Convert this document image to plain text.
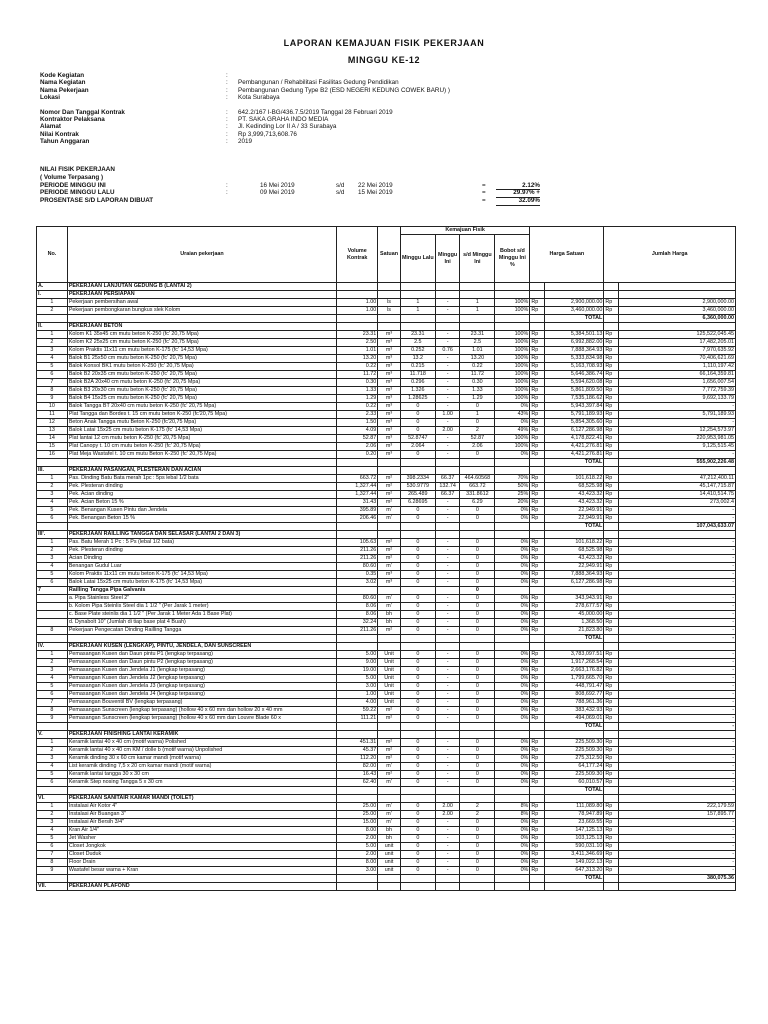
LAPORAN KEMAJUAN FISIK PEKERJAAN
MINGGU KE-12
Kode Kegiatan	:
Nama Kegiatan	:	Pembangunan / Rehabilitasi Fasilitas Gedung Pendidikan
Nama Pekerjaan	:	Pembangunan Gedung Type B2 (ESD NEGERI KEDUNG COWEK BARU) )
Lokasi	:	Kota Surabaya
Nomor Dan Tanggal Kontrak	:	642.2/167 I-BG/436.7.5/2019 Tanggal 28 Februari 2019
Kontraktor Pelaksana	:	PT. SAKA GRAHA INDO MEDIA
Alamat	:	Jl. Kedinding Lor II A / 33 Surabaya
Nilai Kontrak	:	Rp 3,999,713,608.76
Tahun Anggaran	:	2019
NILAI FISIK PEKERJAAN
( Volume Terpasang )
PERIODE MINGGU INI	:	16 Mei 2019	s/d 22 Mei 2019	=	2.12%
PERIODE MINGGU LALU	:	09 Mei 2019	s/d 15 Mei 2019	=	29.97% +
PROSENTASE S/D LAPORAN DIBUAT	=	32.09%
No.	Uraian pekerjaan	Volume Kontrak	Satuan	Kemajuan Fisik				Harga Satuan		Jumlah Harga	
				Minggu Lalu	Minggu Ini	s/d Minggu Ini	Bobot s/d Minggu Ini %				
A.	PEKERJAAN LANJUTAN GEDUNG B (LANTAI 2)										
I.	PEKERJAAN PERSIAPAN										
1	Pekerjaan pembersihan awal	1.00	ls	1	-	1	100%	Rp	2,900,000.00	Rp	2,900,000.00
2	Pekerjaan pembongkaran bungkus slek Kolom	1.00	ls	1	-	1	100%	Rp	3,460,000.00	Rp	3,460,000.00
									TOTAL		6,360,000.00
II.	PEKERJAAN BETON										
1	Kolom K1 35x45 cm mutu beton K-250 (fc' 20,75 Mpa)	23.31	m³	23.31	-	23.31	100%	Rp	5,384,501.13	Rp	125,522,045.45
2	Kolom K2 25x25 cm mutu beton K-250 (fc' 20,75 Mpa)	2.50	m³	2.5	-	2.5	100%	Rp	6,992,882.00	Rp	17,482,205.01
3	Kolom Praktis 11x11 cm mutu beton K-175 (fc' 14,53 Mpa)	1.01	m³	0.252	0.76	1.01	100%	Rp	7,888,364.93	Rp	7,970,635.92
4	Balok B1 25x50 cm mutu beton K-250 (fc' 20,75 Mpa)	13.20	m³	13.2	-	13.20	100%	Rp	5,333,834.98	Rp	70,406,621.69
5	Balok Konsol BK1 mutu beton K-250 (fc' 20,75 Mpa)	0.22	m³	0.215	-	0.22	100%	Rp	5,163,708.93	Rp	1,110,197.42
6	Balok B2 20x35 cm mutu beton K-250 (fc' 20,75 Mpa)	11.72	m³	11.718	-	11.72	100%	Rp	5,646,386.74	Rp	66,164,359.81
7	Balok B2A 20x40 cm mutu beton K-250 (fc' 20,75 Mpa)	0.30	m³	0.296	-	0.30	100%	Rp	5,594,620.08	Rp	1,656,007.54
8	Balok B3 20x30 cm mutu beton K-250 (fc' 20,75 Mpa)	1.33	m³	1.326	-	1.33	100%	Rp	5,861,809.50	Rp	7,772,759.39
9	Balok B4 15x25 cm mutu beton K-250 (fc' 20,75 Mpa)	1.29	m³	1.28625	-	1.29	100%	Rp	7,535,186.62	Rp	9,692,133.79
10	Balok Tangga BT 20x40 cm mutu beton K-250 (fc' 20,75 Mpa)	0.22	m³	0	-	0	0%	Rp	5,943,397.84	Rp	-
11	Plat Tangga dan Bordes t. 15 cm mutu beton K-250 (fc'20,75 Mpa)	2.33	m³	0	1.00	1	43%	Rp	5,791,189.93	Rp	5,791,189.93
12	Beton Anak Tangga mutu Beton K-250 (fc'20,75 Mpa)	1.50	m³	0	-	0	0%	Rp	5,854,305.60	Rp	-
13	Balok Latai 15x25 cm mutu beton K-175 (fc' 14,53 Mpa)	4.09	m³	0	2.00	2	49%	Rp	6,127,286.98	Rp	12,254,573.97
14	Plat lantai 12 cm mutu beton K-250 (fc' 20,75 Mpa)	52.87	m³	52.8747	-	52.87	100%	Rp	4,178,822.41	Rp	220,953,981.05
15	Plat Canopy t. 10 cm mutu beton K-250 (fc' 20,75 Mpa)	2.06	m³	2.064	-	2.06	100%	Rp	4,421,276.81	Rp	9,125,515.45
16	Plat Meja Wastafel t. 10 cm mutu Beton K-250 (fc' 20,75 Mpa)	0.20	m³	0	-	0	0%	Rp	4,421,276.81	Rp	-
									TOTAL		555,902,226.48
III.	PEKERJAAN PASANGAN, PLESTERAN DAN ACIAN										
1	Pas. Dinding Batu Bata merah 1pc : 5ps lebal 1/2 bata	663.72	m²	398.2334	66.37	464.60568	70%	Rp	101,618.22	Rp	47,212,400.11
2	Pek. Plesteran dinding	1,327.44	m²	530.9779	132.74	663.72	50%	Rp	68,525.98	Rp	45,147,715.87
3	Pek. Acian dinding	1,327.44	m²	265.489	66.37	331.8612	25%	Rp	43,423.32	Rp	14,410,514.75
4	Pek. Acian Beton 15 %	31.43	m²	6.28695	-	6.29	20%	Rp	43,423.32	Rp	273,002.4
5	Pek. Benangan Kusen Pintu dan Jendela	395.89	m'	0	-	0	0%	Rp	22,949.91	Rp	-
6	Pek. Benangan Beton 15 %	206.46	m'	0	-	0	0%	Rp	22,949.91	Rp	-
									TOTAL		107,043,633.07
III'.	PEKERJAAN RAILLING TANGGA DAN SELASAR (LANTAI 2 DAN 3)										
1	Pas. Batu Merah 1 Pc : 5 Ps (lebal 1/2 bata)	105.63	m²	0	-	0	0%	Rp	101,618.22	Rp	-
2	Pek. Plesteran dinding	211.26	m²	0	-	0	0%	Rp	68,525.98	Rp	-
3	Acian Dinding	211.26	m²	0	-	0	0%	Rp	43,423.32	Rp	-
4	Benangan Gudul Luar	80.60	m'	0	-	0	0%	Rp	22,949.91	Rp	-
5	Kolom Praktis 11x11 cm mutu beton K-175 (fc' 14,53 Mpa)	0.35	m³	0	-	0	0%	Rp	7,888,364.93	Rp	-
6	Balok Latai 15x25 cm mutu beton K-175 (fc' 14,53 Mpa)	3.02	m³	0	-	0	0%	Rp	6,127,286.98	Rp	-
7	Railling Tangga Pipa Galvanis					0					
	a. Pipa Stainless Steel 2"	80.60	m'	0	-	0	0%	Rp	343,943.91	Rp	-
	b. Kolom Pipa Steinlis Steel dia 1 1/2 " (Per Jarak 1 meter)	8.06	m'	0	-	0	0%	Rp	278,677.57	Rp	-
	c. Base Plate steinlis dia 1 1/2 " (Per Jarak 1 Meter Ada 1 Base Plat)	8.06	bh	0	-	0	0%	Rp	45,000.00	Rp	-
	d. Dynabolt 10" (Jumlah di tiap base plat 4 Buah)	32.24	bh	0	-	0	0%	Rp	1,368.50	Rp	-
8	Pekerjaan Pengecatan Dinding Railling Tangga	211.26	m²	0	-	0	0%	Rp	21,823.80	Rp	-
									TOTAL		-
IV.	PEKERJAAN KUSEN (LENGKAP), PINTU, JENDELA, DAN SUNSCREEN										
1	Pemasangan Kusen dan Daun pintu P1 (lengkap terpasang)	5.00	Unit	0	-	0	0%	Rp	3,783,097.51	Rp	-
2	Pemasangan Kusen dan Daun pintu P2 (lengkap terpasang)	9.00	Unit	0	-	0	0%	Rp	1,917,268.54	Rp	-
3	Pemasangan Kusen dan Jendela J1 (lengkap terpasang)	19.00	Unit	0	-	0	0%	Rp	2,663,176.82	Rp	-
4	Pemasangan Kusen dan Jendela J2 (lengkap terpasang)	5.00	Unit	0	-	0	0%	Rp	1,799,665.70	Rp	-
5	Pemasangan Kusen dan Jendela J3 (lengkap terpasang)	3.00	Unit	0	-	0	0%	Rp	448,791.47	Rp	-
6	Pemasangan Kusen dan Jendela J4 (lengkap terpasang)	1.00	Unit	0	-	0	0%	Rp	808,692.77	Rp	-
7	Pemasangan Bouventil BV (lengkap terpasang)	4.00	Unit	0	-	0	0%	Rp	788,961.36	Rp	-
8	Pemasangan Sunscreen (lengkap terpasang) (hollow 40 x 60 mm dan hollow 20 x 40 mm	59.22	m²	0	-	0	0%	Rp	383,432.93	Rp	-
9	Pemasangan Sunscreen (lengkap terpasang) (hollow 40 x 60 mm dan Louvre Blade 60 x	111.21	m²	0	-	0	0%	Rp	494,069.01	Rp	-
									TOTAL		-
V.	PEKERJAAN FINISHING LANTAI KERAMIK										
1	Keramik lantai 40 x 40 cm (motif warna) Polished	451.31	m²	0	-	0	0%	Rp	225,509.30	Rp	-
2	Keramik lantai 40 x 40 cm KM / dolle b (motif warna) Unpolished	45.37	m²	0	-	0	0%	Rp	225,509.30	Rp	-
3	Keramik dinding 30 x 60 cm kamar mandi (motif warna)	112.20	m²	0	-	0	0%	Rp	275,312.50	Rp	-
4	List keramik dinding 7,5 x 20 cm kamar mandi (motif warna)	82.00	m'	0	-	0	0%	Rp	64,177.24	Rp	-
5	Keramik lantai tangga 30 x 30 cm	16.43	m²	0	-	0	0%	Rp	225,509.30	Rp	-
6	Keramik Step nosing Tangga 5 x 30 cm	62.40	m'	0	-	0	0%	Rp	60,010.57	Rp	-
									TOTAL		-
VI.	PEKERJAAN SANITAIR KAMAR MANDI (TOILET)										
1	Instalasi Air Kotor 4"	25.00	m'	0	2.00	2	8%	Rp	111,089.80	Rp	222,179.59
2	Instalasi Air Buangan 3"	25.00	m'	0	2.00	2	8%	Rp	78,947.89	Rp	157,895.77
3	Instalasi Air Bersih 3/4"	15.00	m'	0	-	0	0%	Rp	23,669.55	Rp	-
4	Kran Air 1/4"	8.00	bh	0	-	0	0%	Rp	147,125.13	Rp	-
5	Jet Washer	2.00	bh	0	-	0	0%	Rp	103,125.13	Rp	-
6	Closet Jongkok	5.00	unit	0	-	0	0%	Rp	590,031.10	Rp	-
7	Closet Duduk	2.00	unit	0	-	0	0%	Rp	3,411,346.69	Rp	-
8	Floor Drain	8.00	unit	0	-	0	0%	Rp	149,022.13	Rp	-
9	Wastafel besar warna + Kran	3.00	unit	0	-	0	0%	Rp	647,313.20	Rp	-
									TOTAL		380,075.36
VII.	PEKERJAAN PLAFOND										
